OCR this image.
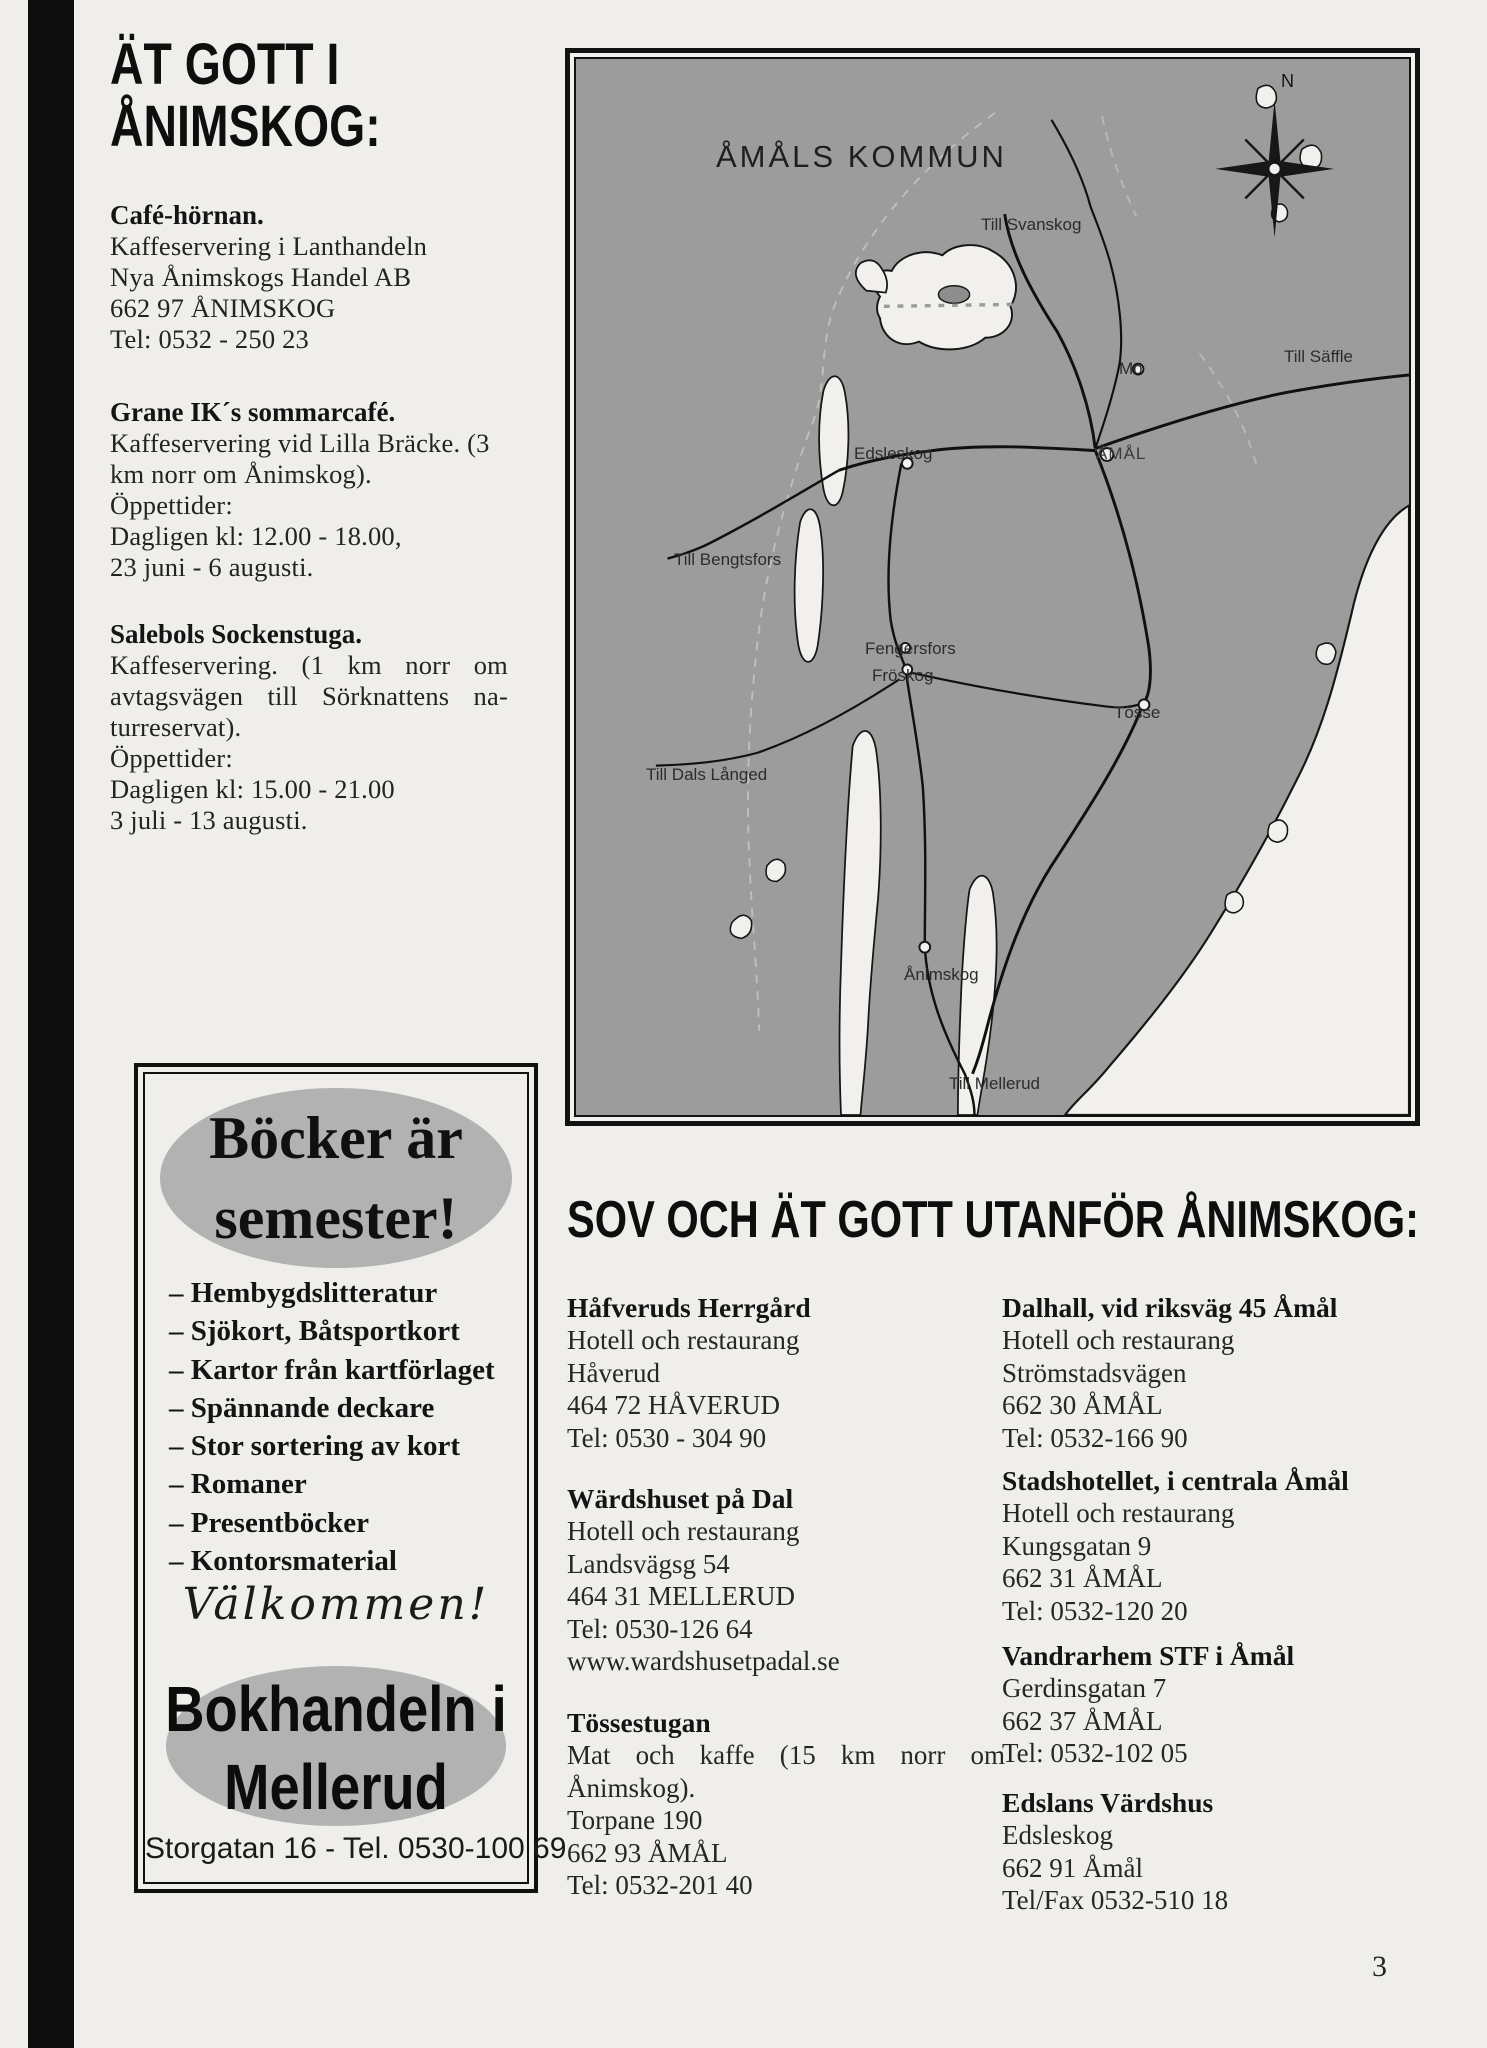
ÄT GOTT I
ÅNIMSKOG:
Café-hörnan.
Kaffeservering i Lanthandeln
Nya Ånimskogs Handel AB
662 97 ÅNIMSKOG
Tel: 0532 - 250 23
Grane IK´s sommarcafé.
Kaffeservering vid Lilla Bräcke. (3
km norr om Ånimskog).
Öppettider:
Dagligen kl: 12.00 - 18.00,
23 juni - 6 augusti.
Salebols Sockenstuga.
Kaffeservering. (1 km norr om
avtagsvägen till Sörknattens na-
turreservat).
Öppettider:
Dagligen kl: 15.00 - 21.00
3 juli - 13 augusti.
ÅMÅLS KOMMUN
N
Till Svanskog
Till Säffle
Mo
Edsleskog	ÅMÅL
Till Bengtsfors
Fengersfors
Fröskog
Tösse
Till Dals Långed
Ånimskog
Till Mellerud
Böcker är
semester!
– Hembygdslitteratur
– Sjökort, Båtsportkort
– Kartor från kartförlaget
– Spännande deckare
– Stor sortering av kort
– Romaner
– Presentböcker
– Kontorsmaterial
Välkommen!
Bokhandeln i
Mellerud
Storgatan 16 - Tel. 0530-100 69
SOV OCH ÄT GOTT UTANFÖR ÅNIMSKOG:
Håfveruds Herrgård
Hotell och restaurang
Håverud
464 72 HÅVERUD
Tel: 0530 - 304 90
Wärdshuset på Dal
Hotell och restaurang
Landsvägsg 54
464 31 MELLERUD
Tel: 0530-126 64
www.wardshusetpadal.se
Tössestugan
Mat och kaffe (15 km norr om
Ånimskog).
Torpane 190
662 93 ÅMÅL
Tel: 0532-201 40
Dalhall, vid riksväg 45 Åmål
Hotell och restaurang
Strömstadsvägen
662 30 ÅMÅL
Tel: 0532-166 90
Stadshotellet, i centrala Åmål
Hotell och restaurang
Kungsgatan 9
662 31 ÅMÅL
Tel: 0532-120 20
Vandrarhem STF i Åmål
Gerdinsgatan 7
662 37 ÅMÅL
Tel: 0532-102 05
Edslans Värdshus
Edsleskog
662 91 Åmål
Tel/Fax 0532-510 18
3
